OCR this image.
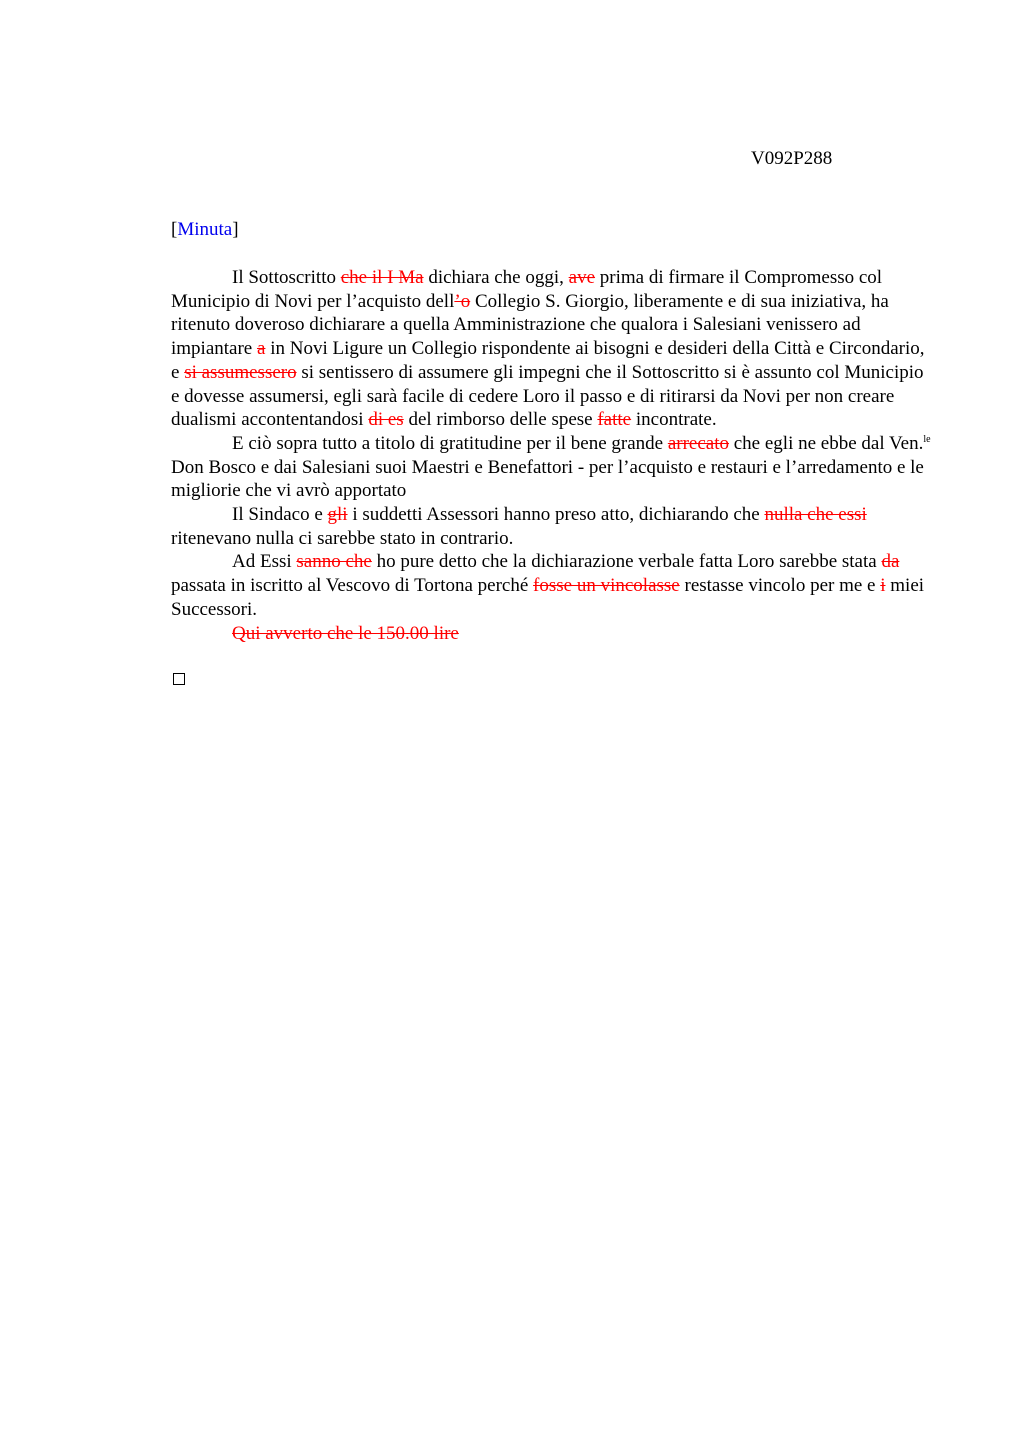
V092P288
[Minuta]

Il Sottoscritto che il I Ma dichiara che oggi, ave prima di firmare il Compromesso col Municipio di Novi per l’acquisto dell’o Collegio S. Giorgio, liberamente e di sua iniziativa, ha ritenuto doveroso dichiarare a quella Amministrazione che qualora i Salesiani venissero ad impiantare a in Novi Ligure un Collegio rispondente ai bisogni e desideri della Città e Circondario, e si assumessero si sentissero di assumere gli impegni che il Sottoscritto si è assunto col Municipio e dovesse assumersi, egli sarà facile di cedere Loro il passo e di ritirarsi da Novi per non creare dualismi accontentandosi di es del rimborso delle spese fatte incontrate.

E ciò sopra tutto a titolo di gratitudine per il bene grande arrecato che egli ne ebbe dal Ven.$^{le}$ Don Bosco e dai Salesiani suoi Maestri e Benefattori - per l’acquisto e restauri e l’arredamento e le migliorie che vi avrò apportato

Il Sindaco e gli i suddetti Assessori hanno preso atto, dichiarando che nulla che essi ritenevano nulla ci sarebbe stato in contrario.

Ad Essi sanno che ho pure detto che la dichiarazione verbale fatta Loro sarebbe stata da passata in iscritto al Vescovo di Tortona perché fosse un vincolasse restasse vincolo per me e i miei Successori.

Qui avverto che le 150.00 lire
